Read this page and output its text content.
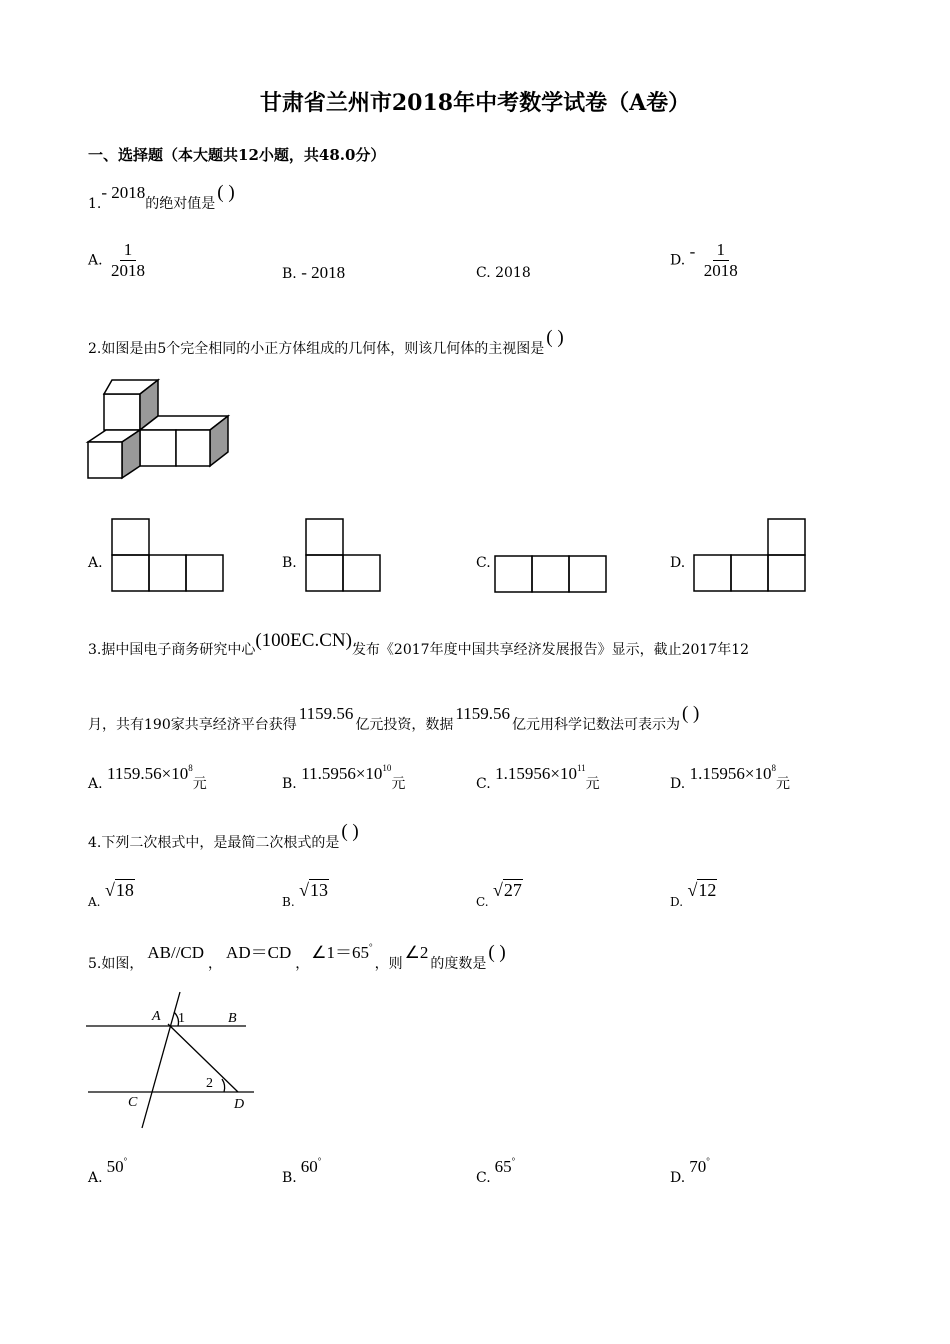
甘肃省兰州市2018年中考数学试卷（A卷）
一、选择题（本大题共12小题，共48.0分）
1.- 2018的绝对值是( )
A. $\frac{1}{2018}$	B. - 2018	C. 2018
D. - $\frac{1}{2018}$
2.如图是由5个完全相同的小正方体组成的几何体，则该几何体的主视图是( )
A.	B.	C.	D.
3.据中国电子商务研究中心(100EC.CN)发布《2017年度中国共享经济发展报告》显示，截止2017年12
月，共有190家共享经济平台获得1159.56亿元投资，数据1159.56亿元用科学记数法可表示为( )
A. $1159.56\times 10^8$元	B. $11.5956\times 10^{10}$元	C. $1.15956\times 10^{11}$元	D. $1.15956\times 10^8$元
4.下列二次根式中，是最简二次根式的是( )
A. √18
B. √13
C. √27
D. √12
5.如图，AB//CD，AD＝CD，∠1＝65°，则∠2的度数是( )
A 1	B
2
C	D
A.50°
B.60°
C.65°
D.70°
